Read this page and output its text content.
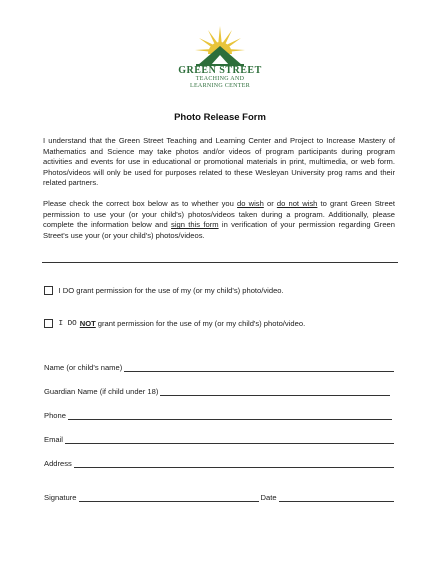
GREEN STREET
TEACHING AND
LEARNING CENTER
Photo Release Form
I understand that the Green Street Teaching and Learning Center and Project to Increase Mastery of Mathematics and Science may take photos and/or videos of program participants during program activities and events for use in educational or promotional materials in print, multimedia, or web form. Photos/videos will only be used for purposes related to these Wesleyan University prog rams and their related partners.
Please check the correct box below as to whether you do wish or do not wish to grant Green Street permission to use your (or your child's) photos/videos taken during a program. Additionally, please complete the information below and sign this form in verification of your permission regarding Green Street's use your (or your child's) photos/videos.
I DO grant permission for the use of my (or my child's) photo/video.
I DO NOT grant permission for the use of my (or my child's) photo/video.
Name (or child's name)
Guardian Name (if child under 18)
Phone
Email
Address
Signature	Date
